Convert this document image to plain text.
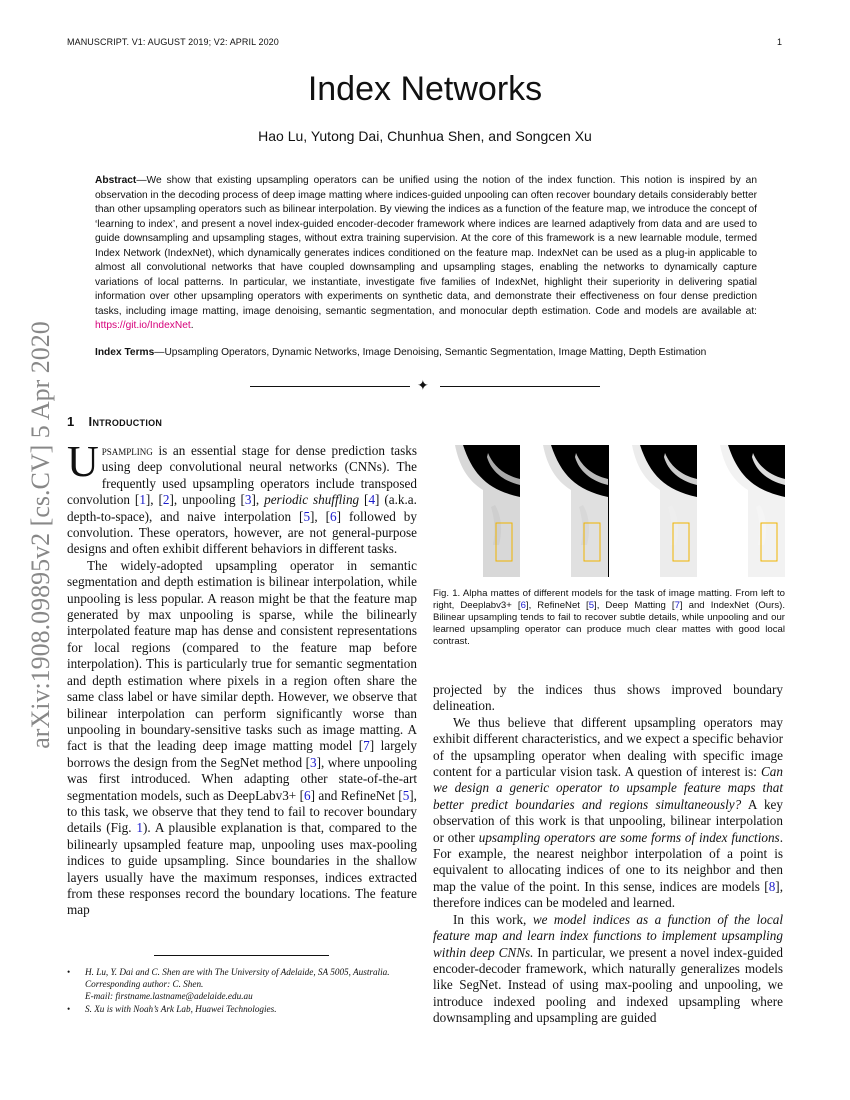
MANUSCRIPT. V1: AUGUST 2019; V2: APRIL 2020	1
Index Networks
Hao Lu, Yutong Dai, Chunhua Shen, and Songcen Xu
Abstract—We show that existing upsampling operators can be unified using the notion of the index function. This notion is inspired by an observation in the decoding process of deep image matting where indices-guided unpooling can often recover boundary details considerably better than other upsampling operators such as bilinear interpolation. By viewing the indices as a function of the feature map, we introduce the concept of ‘learning to index’, and present a novel index-guided encoder-decoder framework where indices are learned adaptively from data and are used to guide downsampling and upsampling stages, without extra training supervision. At the core of this framework is a new learnable module, termed Index Network (IndexNet), which dynamically generates indices conditioned on the feature map. IndexNet can be used as a plug-in applicable to almost all convolutional networks that have coupled downsampling and upsampling stages, enabling the networks to dynamically capture variations of local patterns. In particular, we instantiate, investigate five families of IndexNet, highlight their superiority in delivering spatial information over other upsampling operators with experiments on synthetic data, and demonstrate their effectiveness on four dense prediction tasks, including image matting, image denoising, semantic segmentation, and monocular depth estimation. Code and models are available at: https://git.io/IndexNet.
Index Terms—Upsampling Operators, Dynamic Networks, Image Denoising, Semantic Segmentation, Image Matting, Depth Estimation
✦
arXiv:1908.09895v2 [cs.CV] 5 Apr 2020 1 Introduction

Upsampling is an essential stage for dense prediction tasks using deep convolutional neural networks (CNNs). The frequently used upsampling operators include transposed convolution [1], [2], unpooling [3], periodic shuffling [4] (a.k.a. depth-to-space), and naive interpolation [5], [6] followed by convolution. These operators, however, are not general-purpose designs and often exhibit different behaviors in different tasks.

The widely-adopted upsampling operator in semantic segmentation and depth estimation is bilinear interpolation, while unpooling is less popular. A reason might be that the feature map generated by max unpooling is sparse, while the bilinearly interpolated feature map has dense and consistent representations for local regions (compared to the feature map before interpolation). This is particularly true for semantic segmentation and depth estimation where pixels in a region often share the same class label or have similar depth. However, we observe that bilinear interpolation can perform significantly worse than unpooling in boundary-sensitive tasks such as image matting. A fact is that the leading deep image matting model [7] largely borrows the design from the SegNet method [3], where unpooling was first introduced. When adapting other state-of-the-art segmentation models, such as DeepLabv3+ [6] and RefineNet [5], to this task, we observe that they tend to fail to recover boundary details (Fig. 1). A plausible explanation is that, compared to the bilinearly upsampled feature map, unpooling uses max-pooling indices to guide upsampling. Since boundaries in the shallow layers usually have the maximum responses, indices extracted from these responses record the boundary locations. The feature map

Fig. 1. Alpha mattes of different models for the task of image matting. From left to right, Deeplabv3+ [6], RefineNet [5], Deep Matting [7] and IndexNet (Ours). Bilinear upsampling tends to fail to recover subtle details, while unpooling and our learned upsampling operator can produce much clear mattes with good local contrast.

projected by the indices thus shows improved boundary delineation.

We thus believe that different upsampling operators may exhibit different characteristics, and we expect a specific behavior of the upsampling operator when dealing with specific image content for a particular vision task. A question of interest is: Can we design a generic operator to upsample feature maps that better predict boundaries and regions simultaneously? A key observation of this work is that unpooling, bilinear interpolation or other upsampling operators are some forms of index functions. For example, the nearest neighbor interpolation of a point is equivalent to allocating indices of one to its neighbor and then map the value of the point. In this sense, indices are models [8], therefore indices can be modeled and learned.

In this work, we model indices as a function of the local feature map and learn index functions to implement upsampling within deep CNNs. In particular, we present a novel index-guided encoder-decoder framework, which naturally generalizes models like SegNet. Instead of using max-pooling and unpooling, we introduce indexed pooling and indexed upsampling where downsampling and upsampling are guided

• H. Lu, Y. Dai and C. Shen are with The University of Adelaide, SA 5005, Australia. Corresponding author: C. Shen.
E-mail: firstname.lastname@adelaide.edu.au
• S. Xu is with Noah’s Ark Lab, Huawei Technologies.
